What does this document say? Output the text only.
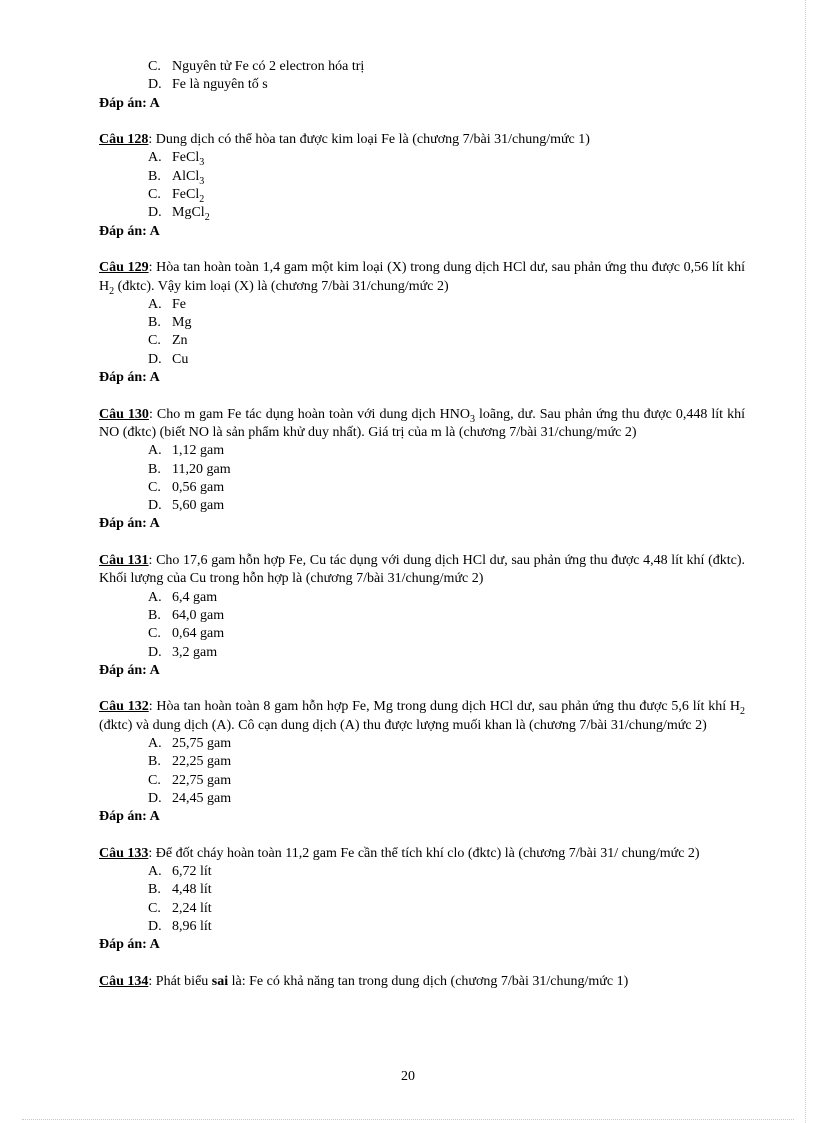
C. Nguyên tử Fe có 2 electron hóa trị
D. Fe là nguyên tố s
Đáp án: A
Câu 128: Dung dịch có thể hòa tan được kim loại Fe là (chương 7/bài 31/chung/mức 1)
A. FeCl$_3$
B. AlCl$_3$
C. FeCl$_2$
D. MgCl$_2$
Đáp án: A
Câu 129: Hòa tan hoàn toàn 1,4 gam một kim loại (X) trong dung dịch HCl dư, sau phản ứng thu được 0,56 lít khí $H_2$ (đktc). Vậy kim loại (X) là (chương 7/bài 31/chung/mức 2)
A. Fe
B. Mg
C. Zn
D. Cu
Đáp án: A
Câu 130: Cho m gam Fe tác dụng hoàn toàn với dung dịch $HNO_3$ loãng, dư. Sau phản ứng thu được 0,448 lít khí NO (đktc) (biết NO là sản phẩm khử duy nhất). Giá trị của m là (chương 7/bài 31/chung/mức 2)
A. 1,12 gam
B. 11,20 gam
C. 0,56 gam
D. 5,60 gam
Đáp án: A
Câu 131: Cho 17,6 gam hỗn hợp Fe, Cu tác dụng với dung dịch HCl dư, sau phản ứng thu được 4,48 lít khí (đktc). Khối lượng của Cu trong hỗn hợp là (chương 7/bài 31/chung/mức 2)
A. 6,4 gam
B. 64,0 gam
C. 0,64 gam
D. 3,2 gam
Đáp án: A
Câu 132: Hòa tan hoàn toàn 8 gam hỗn hợp Fe, Mg trong dung dịch HCl dư, sau phản ứng thu được 5,6 lít khí $H_2$ (đktc) và dung dịch (A). Cô cạn dung dịch (A) thu được lượng muối khan là (chương 7/bài 31/chung/mức 2)
A. 25,75 gam
B. 22,25 gam
C. 22,75 gam
D. 24,45 gam
Đáp án: A
Câu 133: Để đốt cháy hoàn toàn 11,2 gam Fe cần thể tích khí clo (đktc) là (chương 7/bài 31/ chung/mức 2)
A. 6,72 lít
B. 4,48 lít
C. 2,24 lít
D. 8,96 lít
Đáp án: A
Câu 134: Phát biểu sai là: Fe có khả năng tan trong dung dịch (chương 7/bài 31/chung/mức 1)
20
